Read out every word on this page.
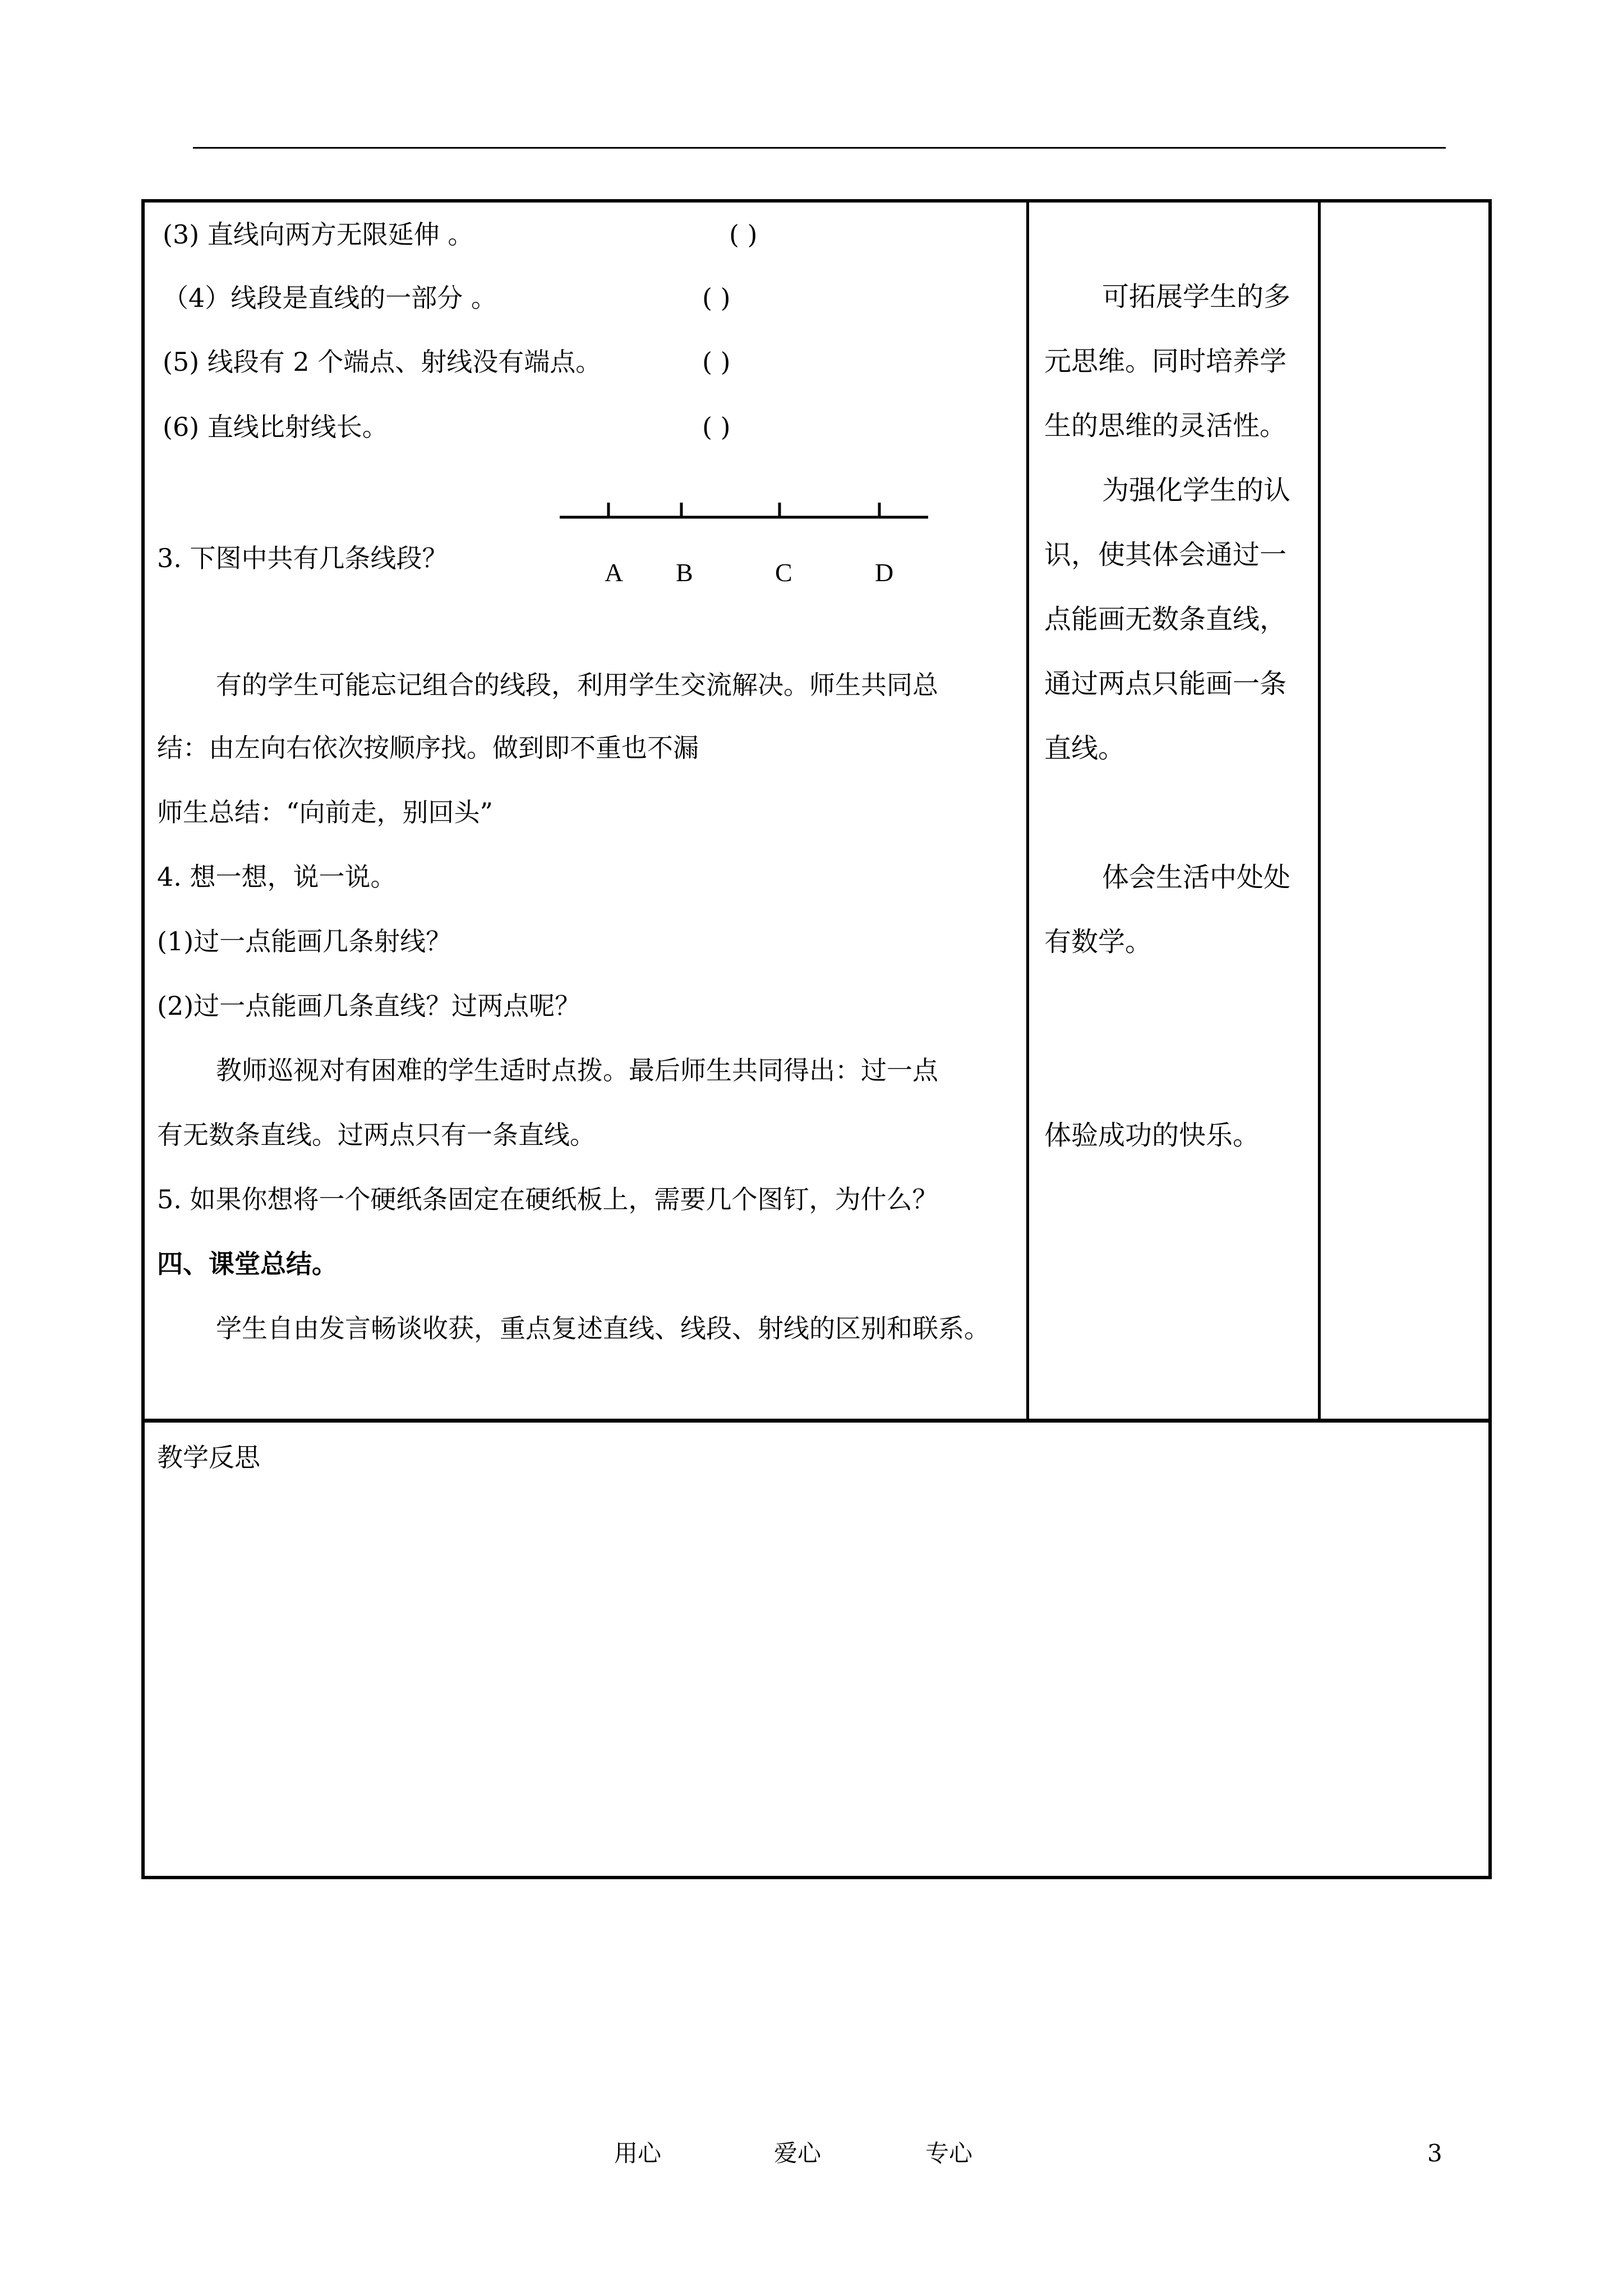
(3) 直线向两方无限延伸 。	( )
（4）线段是直线的一部分 。	( )
(5) 线段有 2 个端点、射线没有端点。	( )
(6) 直线比射线长。	( )
3. 下图中共有几条线段？	A B	C	D
有的学生可能忘记组合的线段，利用学生交流解决。师生共同总
结：由左向右依次按顺序找。做到即不重也不漏
师生总结：“向前走，别回头”
4. 想一想，说一说。
(1)过一点能画几条射线？
(2)过一点能画几条直线？过两点呢？
教师巡视对有困难的学生适时点拨。最后师生共同得出：过一点
有无数条直线。过两点只有一条直线。
5. 如果你想将一个硬纸条固定在硬纸板上，需要几个图钉，为什么？
四、课堂总结。
学生自由发言畅谈收获，重点复述直线、线段、射线的区别和联系。
可拓展学生的多
元思维。同时培养学
生的思维的灵活性。
为强化学生的认
识，使其体会通过一
点能画无数条直线，
通过两点只能画一条
直线。
体会生活中处处
有数学。
体验成功的快乐。
教学反思
用心	爱心	专心	3
